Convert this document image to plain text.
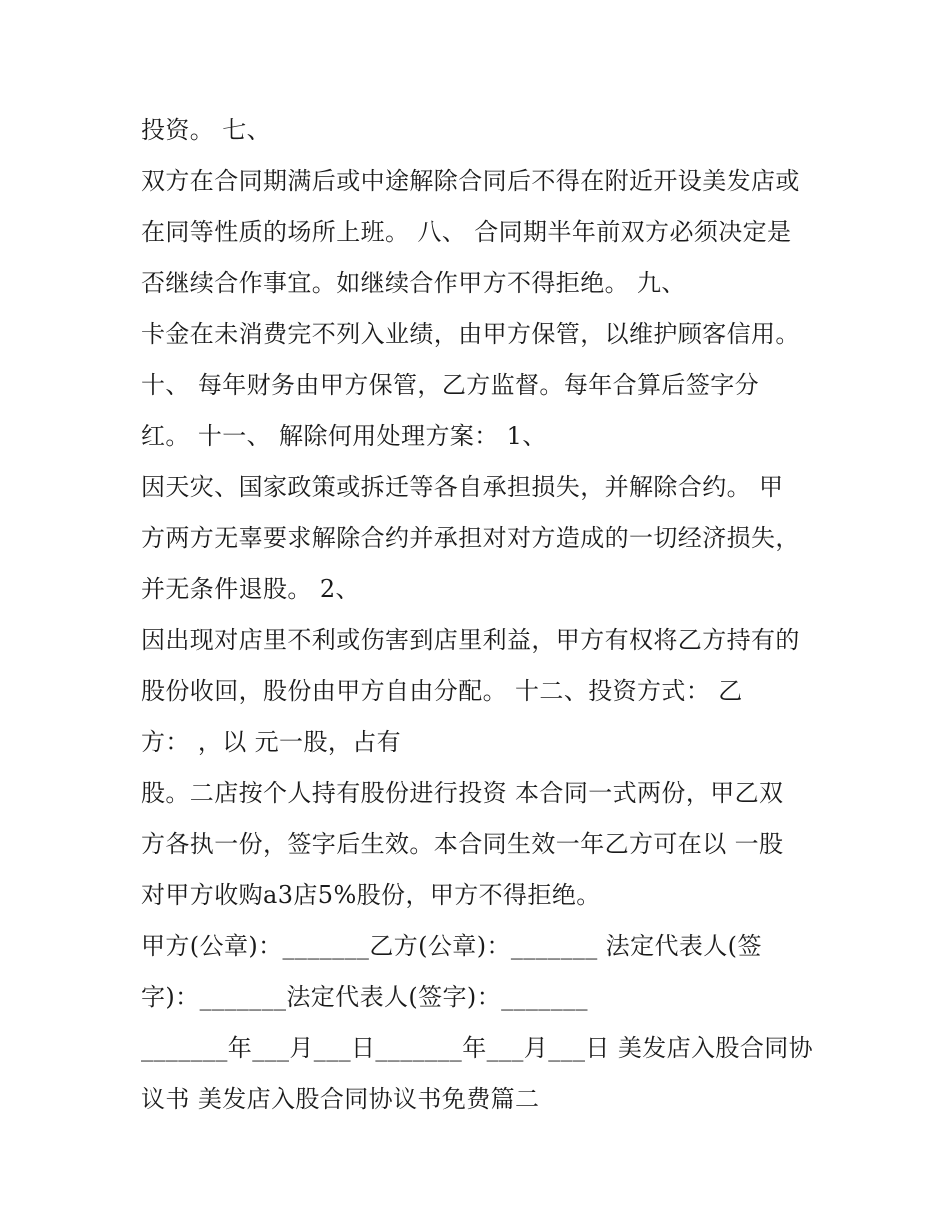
投资。 七、
双方在合同期满后或中途解除合同后不得在附近开设美发店或
在同等性质的场所上班。 八、 合同期半年前双方必须决定是
否继续合作事宜。如继续合作甲方不得拒绝。 九、
卡金在未消费完不列入业绩，由甲方保管，以维护顾客信用。
十、 每年财务由甲方保管，乙方监督。每年合算后签字分
红。 十一、 解除何用处理方案： 1、
因天灾、国家政策或拆迁等各自承担损失，并解除合约。 甲
方两方无辜要求解除合约并承担对对方造成的一切经济损失，
并无条件退股。 2、
因出现对店里不利或伤害到店里利益，甲方有权将乙方持有的
股份收回，股份由甲方自由分配。 十二、投资方式： 乙
方： ，以 元一股，占有
股。二店按个人持有股份进行投资 本合同一式两份，甲乙双
方各执一份，签字后生效。本合同生效一年乙方可在以 一股
对甲方收购a3店5%股份，甲方不得拒绝。
甲方(公章)：_______乙方(公章)：_______ 法定代表人(签
字)：_______法定代表人(签字)：_______
_______年___月___日_______年___月___日 美发店入股合同协
议书 美发店入股合同协议书免费篇二
